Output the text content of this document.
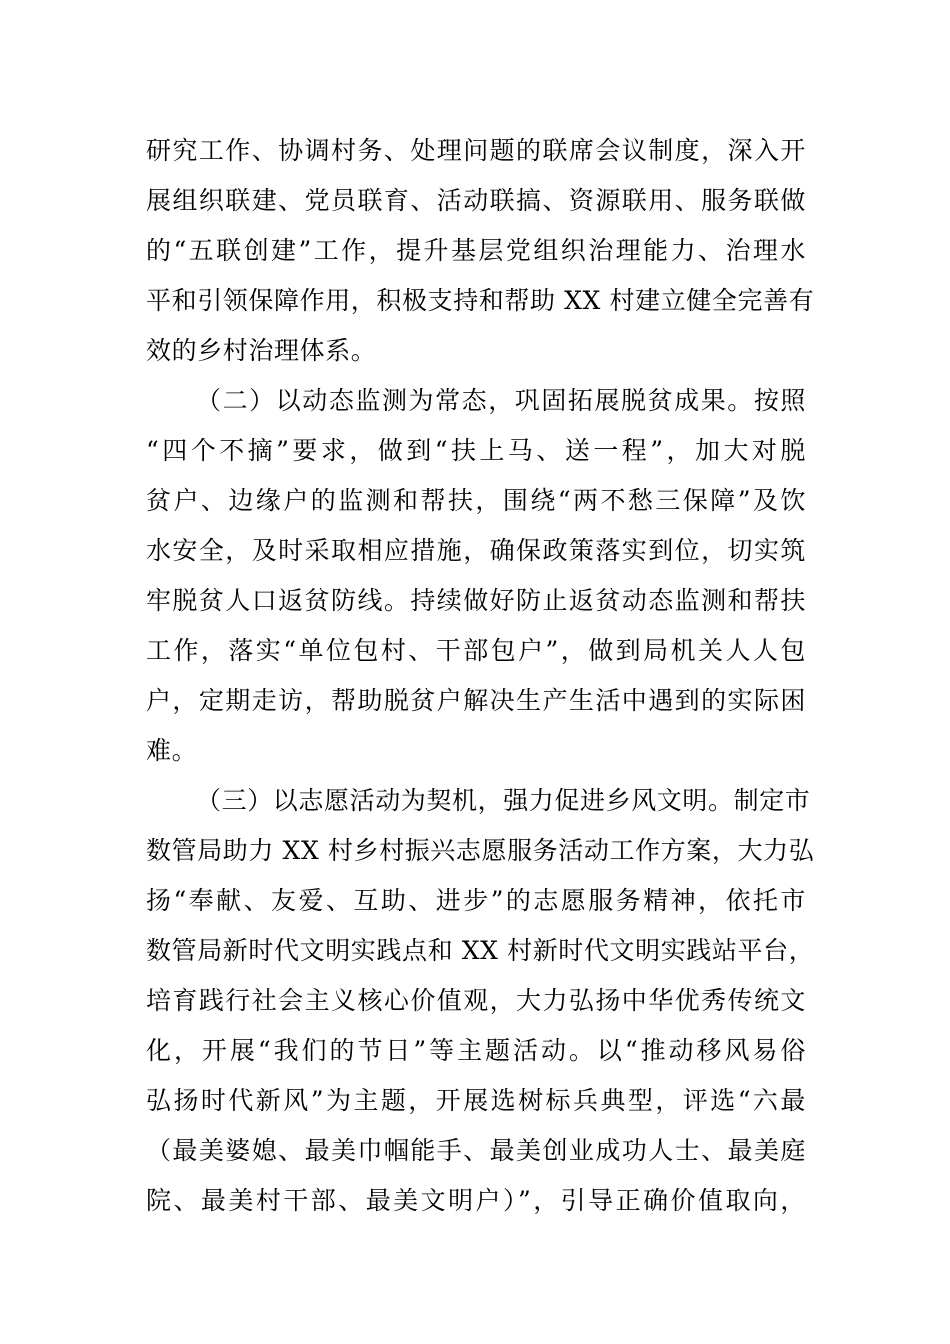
研究工作、协调村务、处理问题的联席会议制度，深入开
展组织联建、党员联育、活动联搞、资源联用、服务联做
的“五联创建”工作，提升基层党组织治理能力、治理水
平和引领保障作用，积极支持和帮助 XX 村建立健全完善有
效的乡村治理体系。
（二）以动态监测为常态，巩固拓展脱贫成果。按照
“四个不摘”要求，做到“扶上马、送一程”，加大对脱
贫户、边缘户的监测和帮扶，围绕“两不愁三保障”及饮
水安全，及时采取相应措施，确保政策落实到位，切实筑
牢脱贫人口返贫防线。持续做好防止返贫动态监测和帮扶
工作，落实“单位包村、干部包户”，做到局机关人人包
户，定期走访，帮助脱贫户解决生产生活中遇到的实际困
难。
（三）以志愿活动为契机，强力促进乡风文明。制定市
数管局助力 XX 村乡村振兴志愿服务活动工作方案，大力弘
扬“奉献、友爱、互助、进步”的志愿服务精神，依托市
数管局新时代文明实践点和 XX 村新时代文明实践站平台，
培育践行社会主义核心价值观，大力弘扬中华优秀传统文
化，开展“我们的节日”等主题活动。以“推动移风易俗
弘扬时代新风”为主题，开展选树标兵典型，评选“六最
（最美婆媳、最美巾帼能手、最美创业成功人士、最美庭
院、最美村干部、最美文明户）”，引导正确价值取向，
